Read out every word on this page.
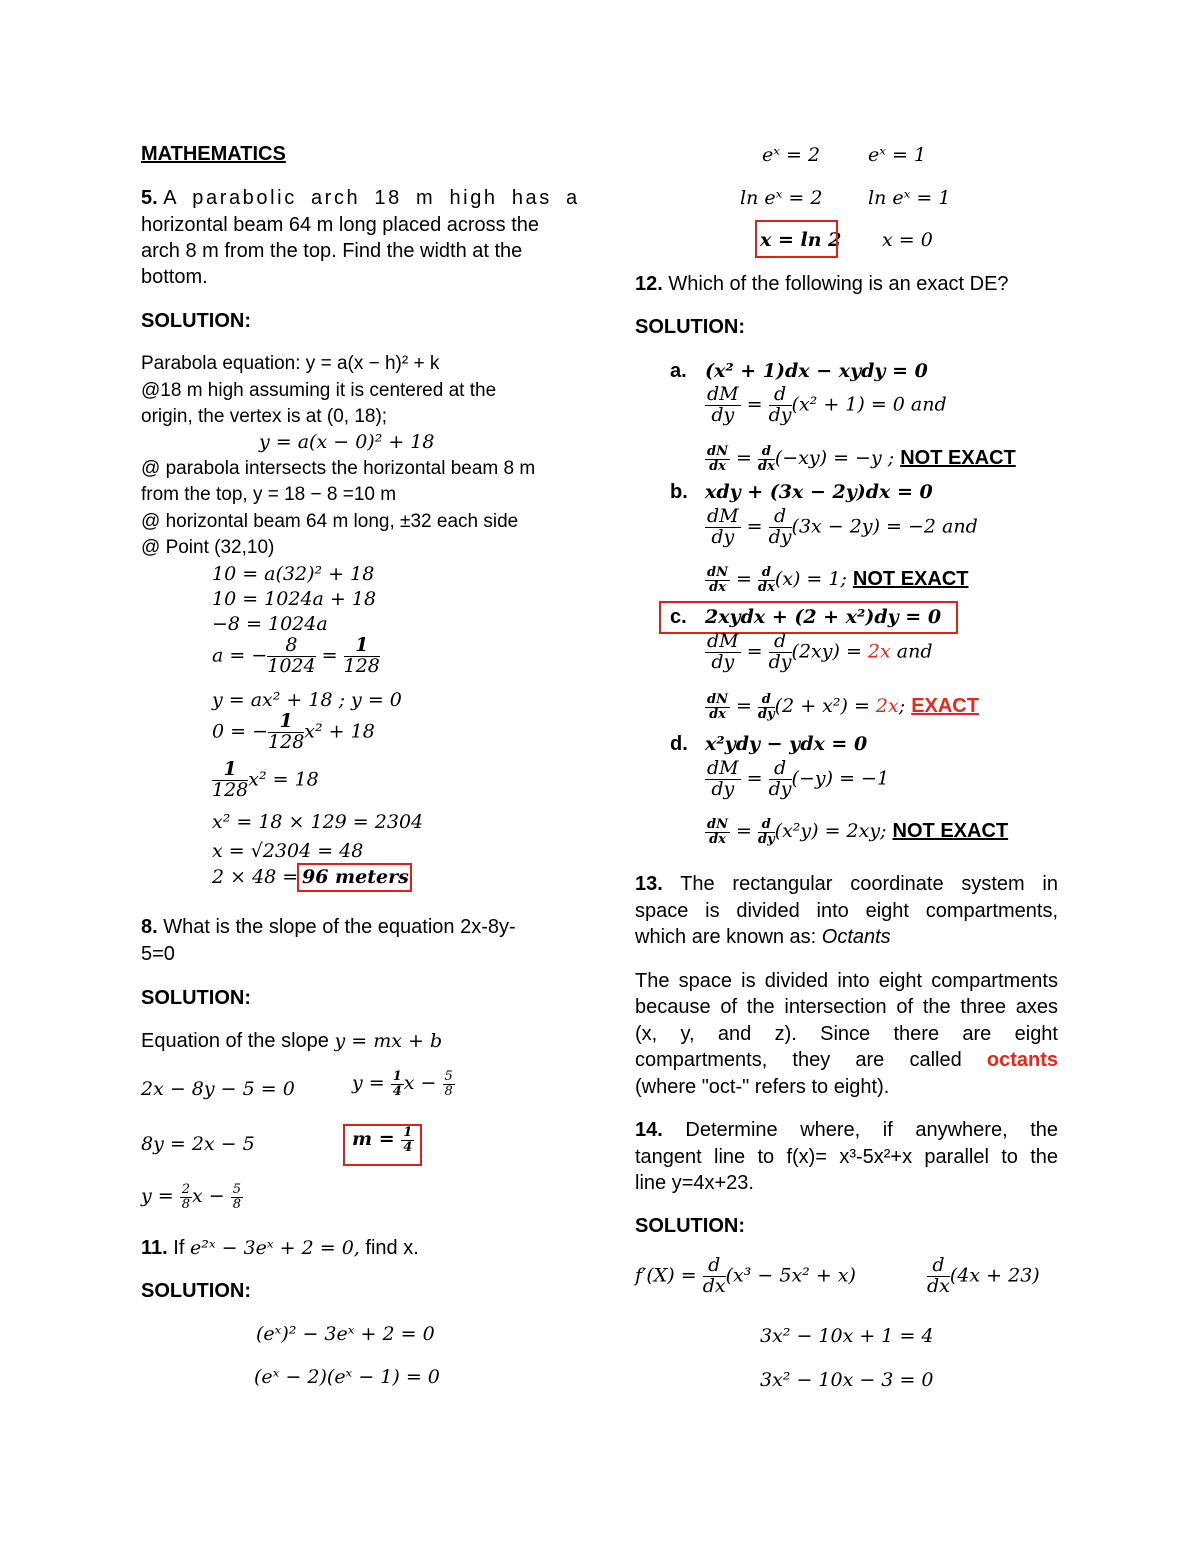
MATHEMATICS
5. A parabolic arch 18 m high has a
horizontal beam 64 m long placed across the
arch 8 m from the top. Find the width at the
bottom.
SOLUTION:
Parabola equation: y = a(x − h)² + k
@18 m high assuming it is centered at the
origin, the vertex is at (0, 18);
y = a(x − 0)² + 18
@ parabola intersects the horizontal beam 8 m
from the top, y = 18 − 8 =10 m
@ horizontal beam 64 m long, ±32 each side
@ Point (32,10)
10 = a(32)² + 18
10 = 1024a + 18
−8 = 1024a
a = − $\frac{8}{1024} = \frac{1}{128}$
y = ax² + 18 ; y = 0
0 = − $\frac{1}{128} x^2 + 18$
$\frac{1}{128} x^2 = 18$
x² = 18 × 129 = 2304
x = √2304 = 48
2 × 48 = 96 meters
8. What is the slope of the equation 2x-8y-
5=0
SOLUTION:
Equation of the slope y = mx + b
2x − 8y − 5 = 0	$y = \frac{1}{4}$ $x - \frac{5}{8}$
8y = 2x − 5	$m = \frac{1}{4}$
$y = \frac{2}{8}$ $x - \frac{5}{8}$
11. If e²ˣ − 3eˣ + 2 = 0, find x.
SOLUTION:
(eˣ)² − 3eˣ + 2 = 0
(eˣ − 2)(eˣ − 1) = 0
eˣ = 2	eˣ = 1
ln eˣ = 2 ln eˣ = 1
x = ln 2 x = 0
12. Which of the following is an exact DE?
SOLUTION:
a. (x² + 1)dx − xydy = 0
$\frac{dM}{dy} = \frac{d}{dy} (x^2 + 1) = 0$ and
$\frac{dN}{dx} = \frac{d}{dx} (-xy) = -y$ ; NOT EXACT
b. xdy + (3x − 2y)dx = 0
$\frac{dM}{dy} = \frac{d}{dy} (3x - 2y) = -2$ and
$\frac{dN}{dx} = \frac{d}{dx} (x) = 1$; NOT EXACT
c. 2xydx + (2 + x²)dy = 0
$\frac{dM}{dy} = \frac{d}{dy} (2xy) = 2x$ and
$\frac{dN}{dx} = \frac{d}{dy} (2 + x^2) = 2x$; EXACT
d. x²ydy − ydx = 0
$\frac{dM}{dy} = \frac{d}{dy} (-y) = -1$
$\frac{dN}{dx} = \frac{d}{dy} (x^2y) = 2xy$; NOT EXACT
13. The rectangular coordinate system in
space is divided into eight compartments,
which are known as: Octants
The space is divided into eight compartments
because of the intersection of the three axes
(x, y, and z). Since there are eight
compartments, they are called octants
(where "oct-" refers to eight).
14. Determine where, if anywhere, the
tangent line to f(x)= x³-5x²+x parallel to the
line y=4x+23.
SOLUTION:
$f'(X) = \frac{d}{dx} (x^3 - 5x^2 + x)$	$\frac{d}{dx} (4x + 23)$
3x² − 10x + 1 = 4
3x² − 10x − 3 = 0
